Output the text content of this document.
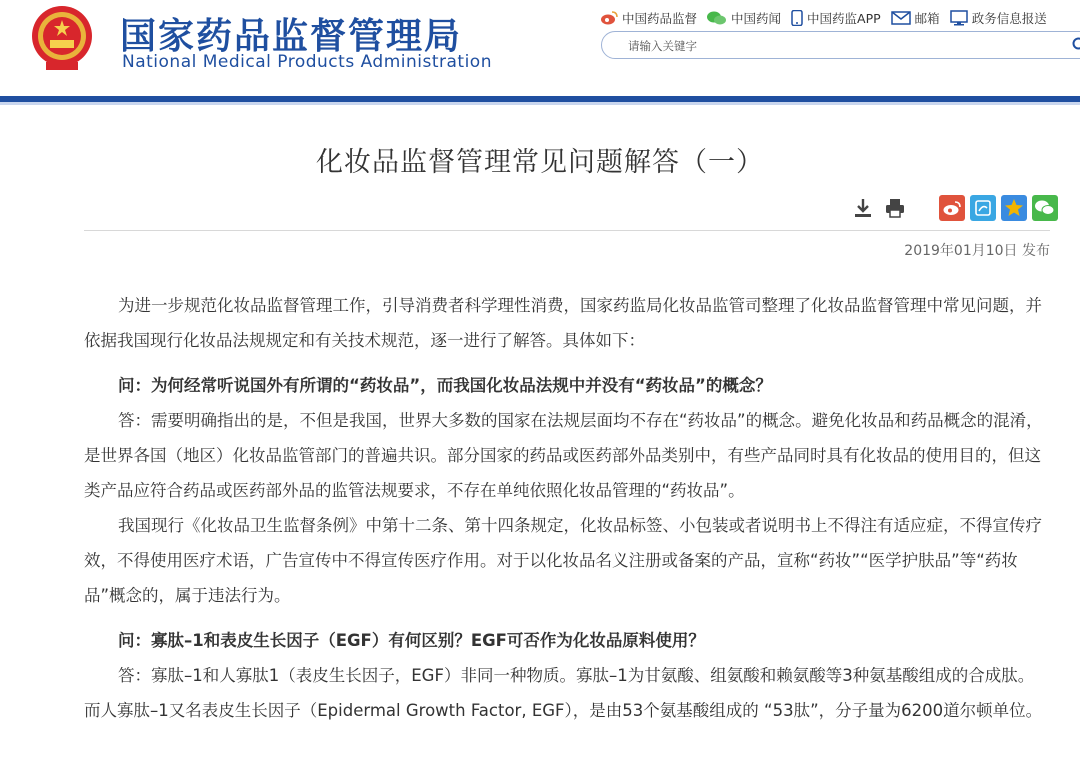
国家药品监督管理局
National Medical Products Administration
中国药品监督	中国药闻 中国药监APP	邮箱	政务信息报送
请输入关键字
化妆品监督管理常见问题解答（一）
2019年01月10日 发布

为进一步规范化妆品监督管理工作，引导消费者科学理性消费，国家药监局化妆品监管司整理了化妆品监督管理中常见问题，并依据我国现行化妆品法规规定和有关技术规范，逐一进行了解答。具体如下：

问：为何经常听说国外有所谓的“药妆品”，而我国化妆品法规中并没有“药妆品”的概念？

答：需要明确指出的是，不但是我国，世界大多数的国家在法规层面均不存在“药妆品”的概念。避免化妆品和药品概念的混淆，是世界各国（地区）化妆品监管部门的普遍共识。部分国家的药品或医药部外品类别中，有些产品同时具有化妆品的使用目的，但这类产品应符合药品或医药部外品的监管法规要求，不存在单纯依照化妆品管理的“药妆品”。

我国现行《化妆品卫生监督条例》中第十二条、第十四条规定，化妆品标签、小包装或者说明书上不得注有适应症，不得宣传疗效，不得使用医疗术语，广告宣传中不得宣传医疗作用。对于以化妆品名义注册或备案的产品，宣称“药妆”“医学护肤品”等“药妆品”概念的，属于违法行为。

问：寡肽–1和表皮生长因子（EGF）有何区别？EGF可否作为化妆品原料使用？

答：寡肽–1和人寡肽1（表皮生长因子，EGF）非同一种物质。寡肽–1为甘氨酸、组氨酸和赖氨酸等3种氨基酸组成的合成肽。而人寡肽–1又名表皮生长因子（Epidermal Growth Factor, EGF），是由53个氨基酸组成的 “53肽”，分子量为6200道尔顿单位。
